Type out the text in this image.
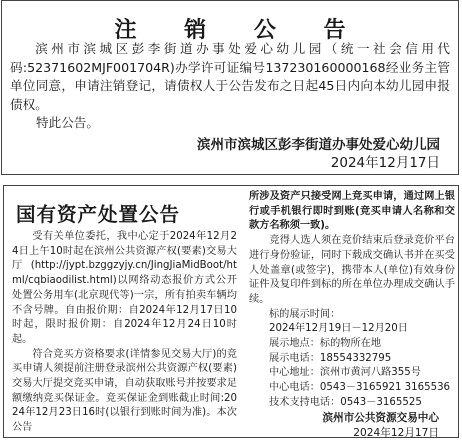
注 销 公 告
滨州市滨城区彭李街道办事处爱心幼儿园（统一社会信用代码:52371602MJF001704R)办学许可证编号137230160000168经业务主管单位同意，申请注销登记，请债权人于公告发布之日起45日内向本幼儿园申报债权。
特此公告。
滨州市滨城区彭李街道办事处爱心幼儿园
2024年12月17日
国有资产处置公告

受有关单位委托，我中心定于2024年12月24日上午10时起在滨州公共资源产权(要素)交易大厅(http://jypt.bzggzyjy.cn/JingJiaMidBoot/html/cqbiaodilist.html)以网络动态报价方式公开处置公务用车(北京现代等)一宗，所有拍卖车辆均不含号牌。自由报价期：自2024年12月17日10时起，限时报价期：自2024年12月24日10时起。

符合竞买方资格要求(详情参见交易大厅)的竞买申请人须提前注册登录滨州公共资源产权(要素)交易大厅提交竞买申请，自动获取账号并按要求足额缴纳竞买保证金。竞买保证金到账截止时间:2024年12月23日16时(以银行到账时间为准)。本次公告

所涉及资产只接受网上竞买申请，通过网上银行或手机银行即时到账(竞买申请人名称和交款方名称须一致)。

竞得人选人须在竞价结束后登录竞价平台进行身份验证，同时下载成交确认书并在买受人处盖章(或签字)，携带本人(单位)有效身份证件及复印件到标的所在单位办理成交确认手续。

标的展示时间：
2024年12月19日－12月20日
展示地点：标的物所在地
展示电话：18554332795
中心地址：滨州市黄河八路355号
中心电话：0543－3165921 3165536
技术支持电话：0543－3165525
滨州市公共资源交易中心
2024年12月17日
